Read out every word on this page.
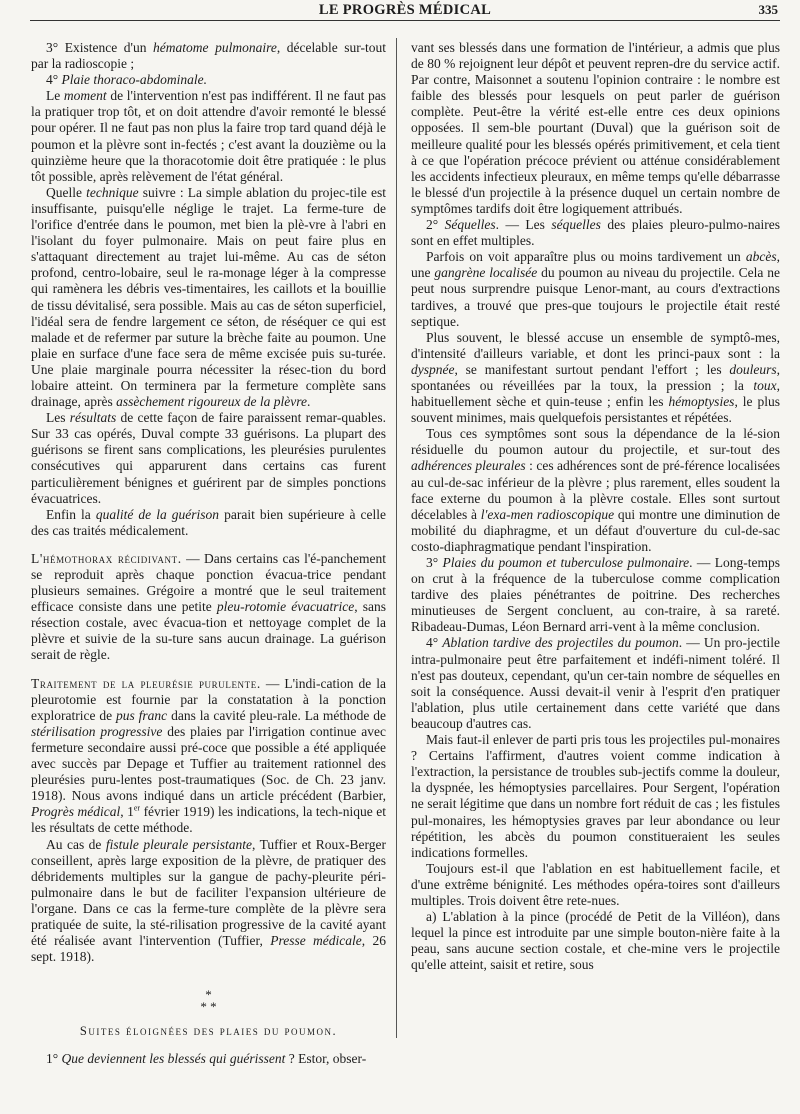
LE PROGRÈS MÉDICAL	335

3° Existence d'un hématome pulmonaire, décelable sur-tout par la radioscopie ;

4° Plaie thoraco-abdominale.

Le moment de l'intervention n'est pas indifférent. Il ne faut pas la pratiquer trop tôt, et on doit attendre d'avoir remonté le blessé pour opérer. Il ne faut pas non plus la faire trop tard quand déjà le poumon et la plèvre sont in-fectés ; c'est avant la douzième ou la quinzième heure que la thoracotomie doit être pratiquée : le plus tôt possible, après relèvement de l'état général.

Quelle technique suivre : La simple ablation du projec-tile est insuffisante, puisqu'elle néglige le trajet. La ferme-ture de l'orifice d'entrée dans le poumon, met bien la plè-vre à l'abri en l'isolant du foyer pulmonaire. Mais on peut faire plus en s'attaquant directement au trajet lui-même. Au cas de séton profond, centro-lobaire, seul le ra-monage léger à la compresse qui ramènera les débris ves-timentaires, les caillots et la bouillie de tissu dévitalisé, sera possible. Mais au cas de séton superficiel, l'idéal sera de fendre largement ce séton, de réséquer ce qui est malade et de refermer par suture la brèche faite au poumon. Une plaie en surface d'une face sera de même excisée puis su-turée. Une plaie marginale pourra nécessiter la résec-tion du bord lobaire atteint. On terminera par la fermeture complète sans drainage, après assèchement rigoureux de la plèvre.

Les résultats de cette façon de faire paraissent remar-quables. Sur 33 cas opérés, Duval compte 33 guérisons. La plupart des guérisons se firent sans complications, les pleurésies purulentes consécutives qui apparurent dans certains cas furent particulièrement bénignes et guérirent par de simples ponctions évacuatrices.

Enfin la qualité de la guérison parait bien supérieure à celle des cas traités médicalement.

L'hémothorax récidivant. — Dans certains cas l'é-panchement se reproduit après chaque ponction évacua-trice pendant plusieurs semaines. Grégoire a montré que le seul traitement efficace consiste dans une petite pleu-rotomie évacuatrice, sans résection costale, avec évacua-tion et nettoyage complet de la plèvre et suivie de la su-ture sans aucun drainage. La guérison serait de règle.

Traitement de la pleurésie purulente. — L'indi-cation de la pleurotomie est fournie par la constatation à la ponction exploratrice de pus franc dans la cavité pleu-rale. La méthode de stérilisation progressive des plaies par l'irrigation continue avec fermeture secondaire aussi pré-coce que possible a été appliquée avec succès par Depage et Tuffier au traitement rationnel des pleurésies puru-lentes post-traumatiques (Soc. de Ch. 23 janv. 1918). Nous avons indiqué dans un article précédent (Barbier, Progrès médical, 1er février 1919) les indications, la tech-nique et les résultats de cette méthode.

Au cas de fistule pleurale persistante, Tuffier et Roux-Berger conseillent, après large exposition de la plèvre, de pratiquer des débridements multiples sur la gangue de pachy-pleurite péri-pulmonaire dans le but de faciliter l'expansion ultérieure de l'organe. Dans ce cas la ferme-ture complète de la plèvre sera pratiquée de suite, la sté-rilisation progressive de la cavité ayant été réalisée avant l'intervention (Tuffier, Presse médicale, 26 sept. 1918).

*
* *
Suites éloignées des plaies du poumon.

1° Que deviennent les blessés qui guérissent ? Estor, obser-

vant ses blessés dans une formation de l'intérieur, a admis que plus de 80 % rejoignent leur dépôt et peuvent repren-dre du service actif. Par contre, Maisonnet a soutenu l'opinion contraire : le nombre est faible des blessés pour lesquels on peut parler de guérison complète. Peut-être la vérité est-elle entre ces deux opinions opposées. Il sem-ble pourtant (Duval) que la guérison soit de meilleure qualité pour les blessés opérés primitivement, et cela tient à ce que l'opération précoce prévient ou atténue considérablement les accidents infectieux pleuraux, en même temps qu'elle débarrasse le blessé d'un projectile à la présence duquel un certain nombre de symptômes tardifs doit être logiquement attribués.

2° Séquelles. — Les séquelles des plaies pleuro-pulmo-naires sont en effet multiples.

Parfois on voit apparaître plus ou moins tardivement un abcès, une gangrène localisée du poumon au niveau du projectile. Cela ne peut nous surprendre puisque Lenor-mant, au cours d'extractions tardives, a trouvé que pres-que toujours le projectile était resté septique.

Plus souvent, le blessé accuse un ensemble de symptô-mes, d'intensité d'ailleurs variable, et dont les princi-paux sont : la dyspnée, se manifestant surtout pendant l'effort ; les douleurs, spontanées ou réveillées par la toux, la pression ; la toux, habituellement sèche et quin-teuse ; enfin les hémoptysies, le plus souvent minimes, mais quelquefois persistantes et répétées.

Tous ces symptômes sont sous la dépendance de la lé-sion résiduelle du poumon autour du projectile, et sur-tout des adhérences pleurales : ces adhérences sont de pré-férence localisées au cul-de-sac inférieur de la plèvre ; plus rarement, elles soudent la face externe du poumon à la plèvre costale. Elles sont surtout décelables à l'exa-men radioscopique qui montre une diminution de mobilité du diaphragme, et un défaut d'ouverture du cul-de-sac costo-diaphragmatique pendant l'inspiration.

3° Plaies du poumon et tuberculose pulmonaire. — Long-temps on crut à la fréquence de la tuberculose comme complication tardive des plaies pénétrantes de poitrine. Des recherches minutieuses de Sergent concluent, au con-traire, à sa rareté. Ribadeau-Dumas, Léon Bernard arri-vent à la même conclusion.

4° Ablation tardive des projectiles du poumon. — Un pro-jectile intra-pulmonaire peut être parfaitement et indéfi-niment toléré. Il n'est pas douteux, cependant, qu'un cer-tain nombre de séquelles en soit la conséquence. Aussi devait-il venir à l'esprit d'en pratiquer l'ablation, plus utile certainement dans cette variété que dans beaucoup d'autres cas.

Mais faut-il enlever de parti pris tous les projectiles pul-monaires ? Certains l'affirment, d'autres voient comme indication à l'extraction, la persistance de troubles sub-jectifs comme la douleur, la dyspnée, les hémoptysies parcellaires. Pour Sergent, l'opération ne serait légitime que dans un nombre fort réduit de cas ; les fistules pul-monaires, les hémoptysies graves par leur abondance ou leur répétition, les abcès du poumon constitueraient les seules indications formelles.

Toujours est-il que l'ablation en est habituellement facile, et d'une extrême bénignité. Les méthodes opéra-toires sont d'ailleurs multiples. Trois doivent être rete-nues.

a) L'ablation à la pince (procédé de Petit de la Villéon), dans lequel la pince est introduite par une simple bouton-nière faite à la peau, sans aucune section costale, et che-mine vers le projectile qu'elle atteint, saisit et retire, sous
